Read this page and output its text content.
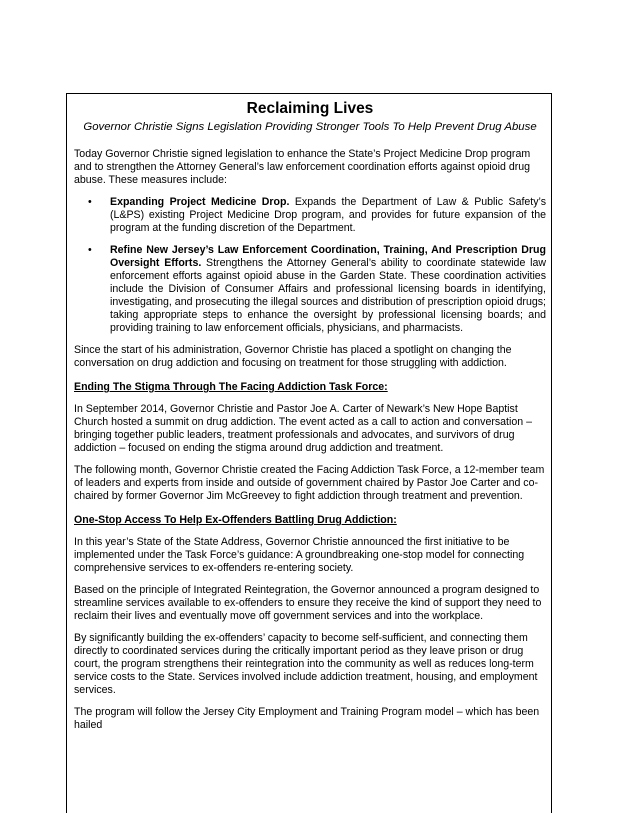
Reclaiming Lives
Governor Christie Signs Legislation Providing Stronger Tools To Help Prevent Drug Abuse

Today Governor Christie signed legislation to enhance the State’s Project Medicine Drop program and to strengthen the Attorney General’s law enforcement coordination efforts against opioid drug abuse. These measures include:

• Expanding Project Medicine Drop. Expands the Department of Law & Public Safety’s (L&PS) existing Project Medicine Drop program, and provides for future expansion of the program at the funding discretion of the Department.
• Refine New Jersey’s Law Enforcement Coordination, Training, And Prescription Drug Oversight Efforts. Strengthens the Attorney General’s ability to coordinate statewide law enforcement efforts against opioid abuse in the Garden State. These coordination activities include the Division of Consumer Affairs and professional licensing boards in identifying, investigating, and prosecuting the illegal sources and distribution of prescription opioid drugs; taking appropriate steps to enhance the oversight by professional licensing boards; and providing training to law enforcement officials, physicians, and pharmacists.

Since the start of his administration, Governor Christie has placed a spotlight on changing the conversation on drug addiction and focusing on treatment for those struggling with addiction.

Ending The Stigma Through The Facing Addiction Task Force:

In September 2014, Governor Christie and Pastor Joe A. Carter of Newark’s New Hope Baptist Church hosted a summit on drug addiction. The event acted as a call to action and conversation – bringing together public leaders, treatment professionals and advocates, and survivors of drug addiction – focused on ending the stigma around drug addiction and treatment.

The following month, Governor Christie created the Facing Addiction Task Force, a 12-member team of leaders and experts from inside and outside of government chaired by Pastor Joe Carter and co-chaired by former Governor Jim McGreevey to fight addiction through treatment and prevention.

One-Stop Access To Help Ex-Offenders Battling Drug Addiction:

In this year’s State of the State Address, Governor Christie announced the first initiative to be implemented under the Task Force’s guidance: A groundbreaking one-stop model for connecting comprehensive services to ex-offenders re-entering society.

Based on the principle of Integrated Reintegration, the Governor announced a program designed to streamline services available to ex-offenders to ensure they receive the kind of support they need to reclaim their lives and eventually move off government services and into the workplace.

By significantly building the ex-offenders’ capacity to become self-sufficient, and connecting them directly to coordinated services during the critically important period as they leave prison or drug court, the program strengthens their reintegration into the community as well as reduces long-term service costs to the State. Services involved include addiction treatment, housing, and employment services.

The program will follow the Jersey City Employment and Training Program model – which has been hailed
